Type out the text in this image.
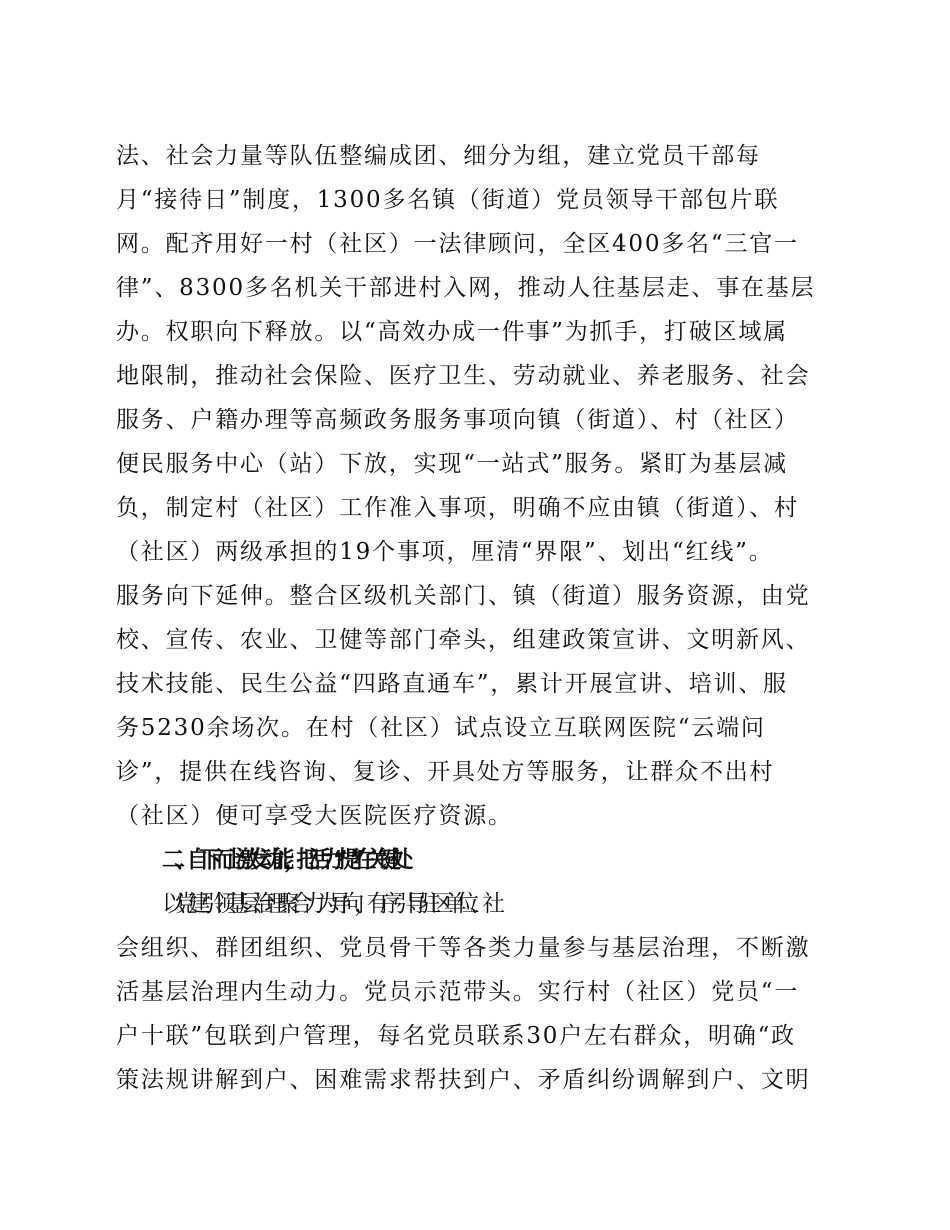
法、社会力量等队伍整编成团、细分为组，建立党员干部每
月“接待日”制度，1300多名镇（街道）党员领导干部包片联
网。配齐用好一村（社区）一法律顾问，全区400多名“三官一
律”、8300多名机关干部进村入网，推动人往基层走、事在基层
办。权职向下释放。以“高效办成一件事”为抓手，打破区域属
地限制，推动社会保险、医疗卫生、劳动就业、养老服务、社会
服务、户籍办理等高频政务服务事项向镇（街道）、村（社区）
便民服务中心（站）下放，实现“一站式”服务。紧盯为基层减
负，制定村（社区）工作准入事项，明确不应由镇（街道）、村
（社区）两级承担的19个事项，厘清“界限”、划出“红线”。
服务向下延伸。整合区级机关部门、镇（街道）服务资源，由党
校、宣传、农业、卫健等部门牵头，组建政策宣讲、文明新风、
技术技能、民生公益“四路直通车”，累计开展宣讲、培训、服
务5230余场次。在村（社区）试点设立互联网医院“云端问
诊”，提供在线咨询、复诊、开具处方等服务，让群众不出村
（社区）便可享受大医院医疗资源。
二、自下而上激发动能，把活力“提”在关键处
以党建引领基层治理聚合力为导向，有序引导驻区单位、社
会组织、群团组织、党员骨干等各类力量参与基层治理，不断激
活基层治理内生动力。党员示范带头。实行村（社区）党员“一
户十联”包联到户管理，每名党员联系30户左右群众，明确“政
策法规讲解到户、困难需求帮扶到户、矛盾纠纷调解到户、文明
